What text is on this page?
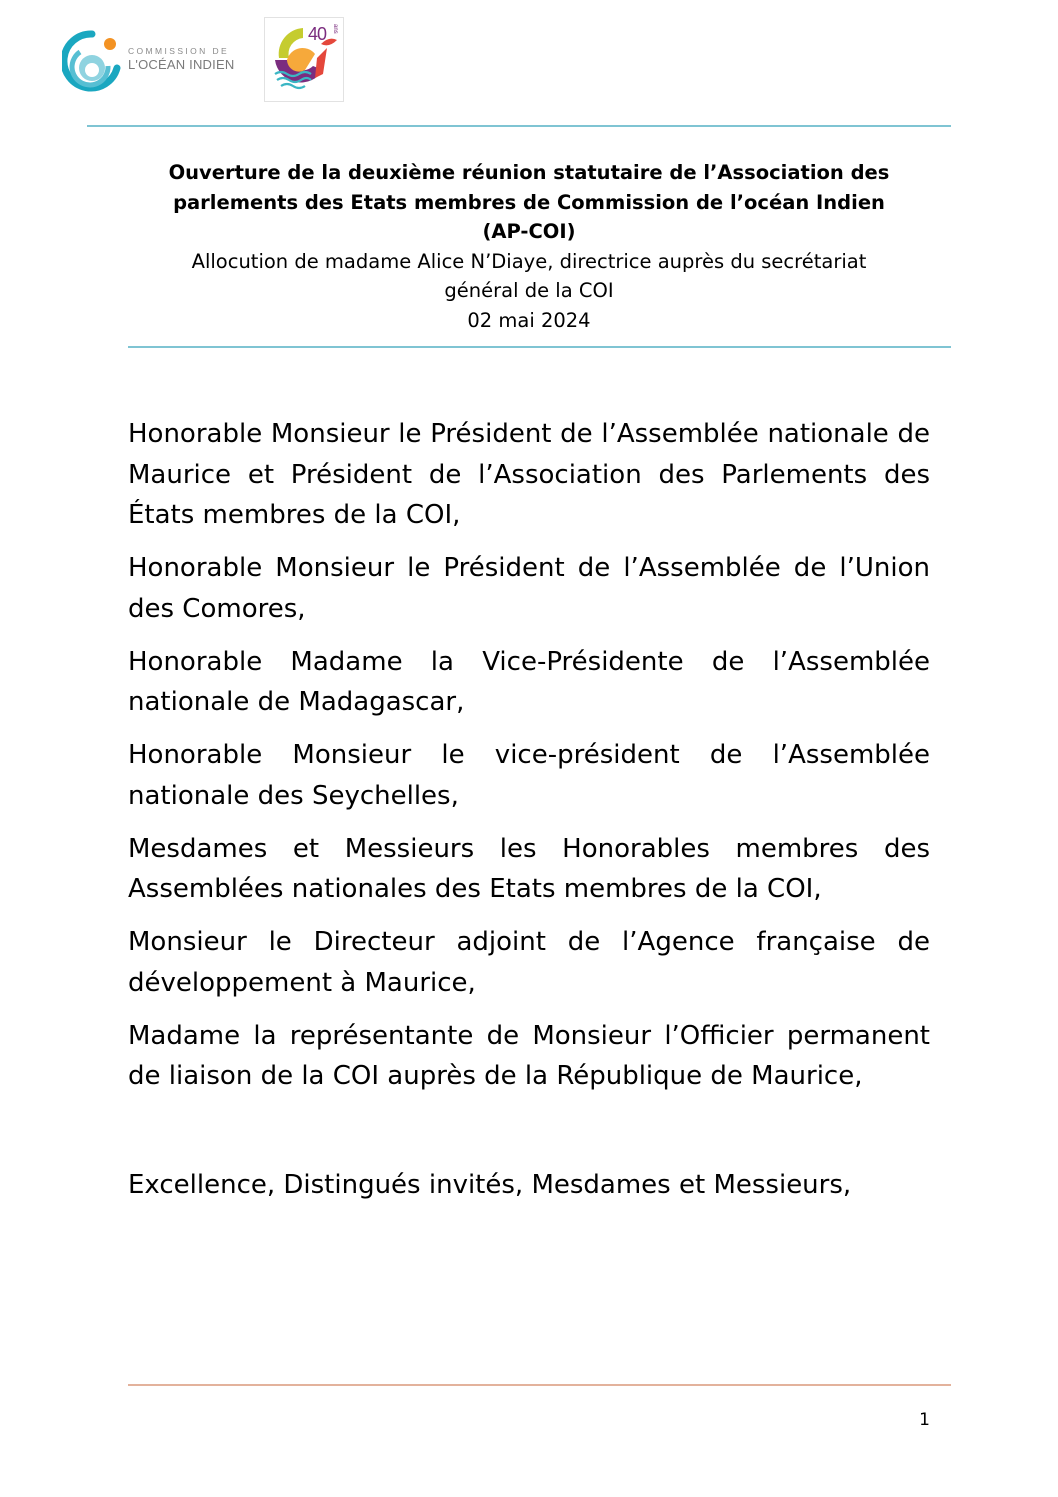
COMMISSION DE
L'OCÉAN INDIEN
40 ans
Ouverture de la deuxième réunion statutaire de l’Association des
parlements des Etats membres de Commission de l’océan Indien
(AP-COI)
Allocution de madame Alice N’Diaye, directrice auprès du secrétariat
général de la COI
02 mai 2024

Honorable Monsieur le Président de l’Assemblée nationale de Maurice et Président de l’Association des Parlements des États membres de la COI,

Honorable Monsieur le Président de l’Assemblée de l’Union des Comores,

Honorable Madame la Vice-Présidente de l’Assemblée nationale de Madagascar,

Honorable Monsieur le vice-président de l’Assemblée nationale des Seychelles,

Mesdames et Messieurs les Honorables membres des Assemblées nationales des Etats membres de la COI,

Monsieur le Directeur adjoint de l’Agence française de développement à Maurice,

Madame la représentante de Monsieur l’Officier permanent de liaison de la COI auprès de la République de Maurice,

Excellence, Distingués invités, Mesdames et Messieurs,

1
